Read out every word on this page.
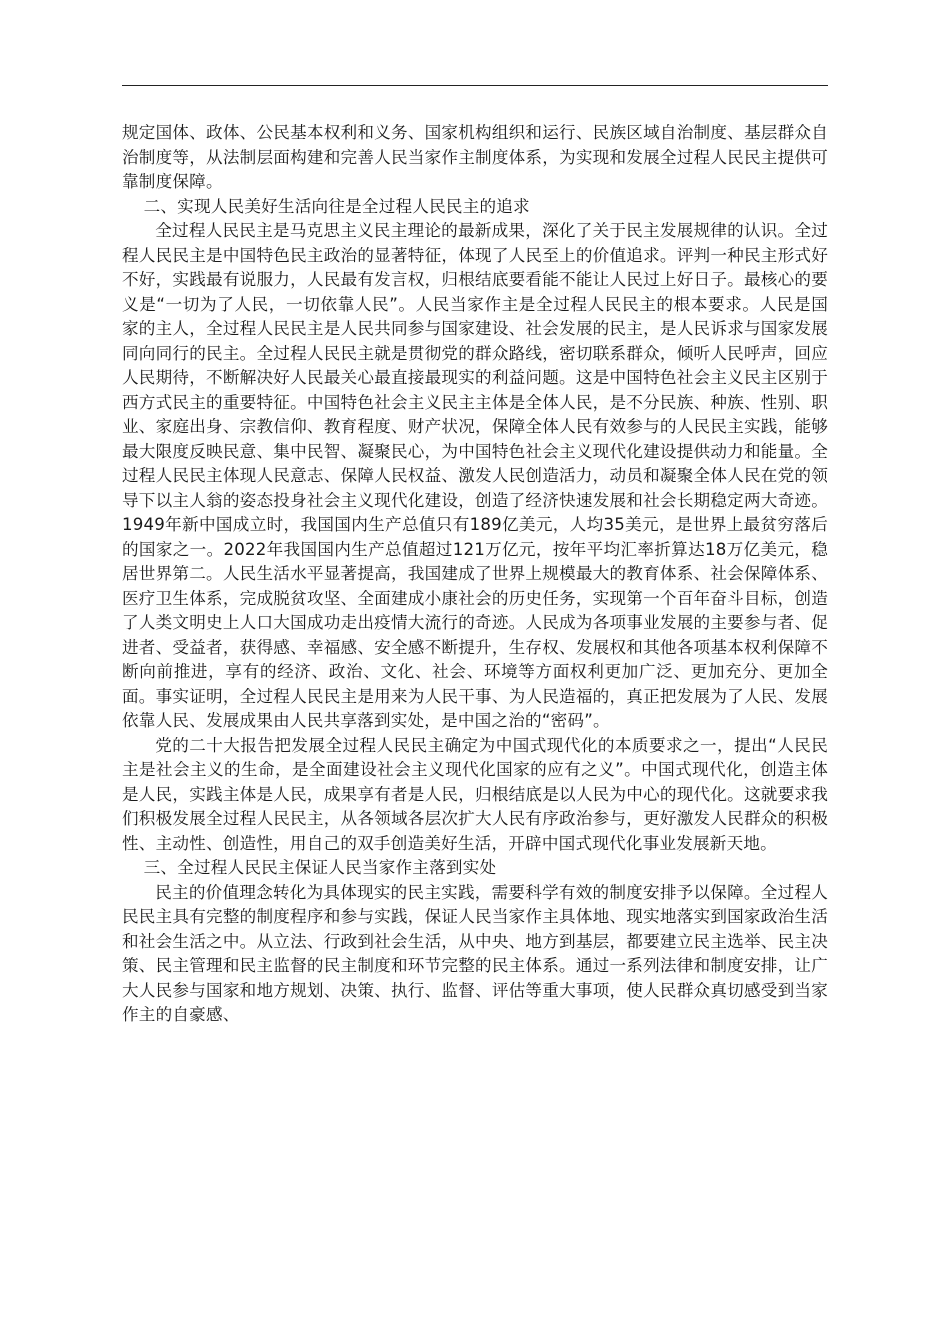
规定国体、政体、公民基本权利和义务、国家机构组织和运行、民族区域自治制度、基层群众自治制度等，从法制层面构建和完善人民当家作主制度体系，为实现和发展全过程人民民主提供可靠制度保障。

二、实现人民美好生活向往是全过程人民民主的追求

全过程人民民主是马克思主义民主理论的最新成果，深化了关于民主发展规律的认识。全过程人民民主是中国特色民主政治的显著特征，体现了人民至上的价值追求。评判一种民主形式好不好，实践最有说服力，人民最有发言权，归根结底要看能不能让人民过上好日子。最核心的要义是“一切为了人民，一切依靠人民”。人民当家作主是全过程人民民主的根本要求。人民是国家的主人，全过程人民民主是人民共同参与国家建设、社会发展的民主，是人民诉求与国家发展同向同行的民主。全过程人民民主就是贯彻党的群众路线，密切联系群众，倾听人民呼声，回应人民期待，不断解决好人民最关心最直接最现实的利益问题。这是中国特色社会主义民主区别于西方式民主的重要特征。中国特色社会主义民主主体是全体人民，是不分民族、种族、性别、职业、家庭出身、宗教信仰、教育程度、财产状况，保障全体人民有效参与的人民民主实践，能够最大限度反映民意、集中民智、凝聚民心，为中国特色社会主义现代化建设提供动力和能量。全过程人民民主体现人民意志、保障人民权益、激发人民创造活力，动员和凝聚全体人民在党的领导下以主人翁的姿态投身社会主义现代化建设，创造了经济快速发展和社会长期稳定两大奇迹。1949年新中国成立时，我国国内生产总值只有189亿美元，人均35美元，是世界上最贫穷落后的国家之一。2022年我国国内生产总值超过121万亿元，按年平均汇率折算达18万亿美元，稳居世界第二。人民生活水平显著提高，我国建成了世界上规模最大的教育体系、社会保障体系、医疗卫生体系，完成脱贫攻坚、全面建成小康社会的历史任务，实现第一个百年奋斗目标，创造了人类文明史上人口大国成功走出疫情大流行的奇迹。人民成为各项事业发展的主要参与者、促进者、受益者，获得感、幸福感、安全感不断提升，生存权、发展权和其他各项基本权利保障不断向前推进，享有的经济、政治、文化、社会、环境等方面权利更加广泛、更加充分、更加全面。事实证明，全过程人民民主是用来为人民干事、为人民造福的，真正把发展为了人民、发展依靠人民、发展成果由人民共享落到实处，是中国之治的“密码”。

党的二十大报告把发展全过程人民民主确定为中国式现代化的本质要求之一，提出“人民民主是社会主义的生命，是全面建设社会主义现代化国家的应有之义”。中国式现代化，创造主体是人民，实践主体是人民，成果享有者是人民，归根结底是以人民为中心的现代化。这就要求我们积极发展全过程人民民主，从各领域各层次扩大人民有序政治参与，更好激发人民群众的积极性、主动性、创造性，用自己的双手创造美好生活，开辟中国式现代化事业发展新天地。

三、全过程人民民主保证人民当家作主落到实处

民主的价值理念转化为具体现实的民主实践，需要科学有效的制度安排予以保障。全过程人民民主具有完整的制度程序和参与实践，保证人民当家作主具体地、现实地落实到国家政治生活和社会生活之中。从立法、行政到社会生活，从中央、地方到基层，都要建立民主选举、民主决策、民主管理和民主监督的民主制度和环节完整的民主体系。通过一系列法律和制度安排，让广大人民参与国家和地方规划、决策、执行、监督、评估等重大事项，使人民群众真切感受到当家作主的自豪感、
